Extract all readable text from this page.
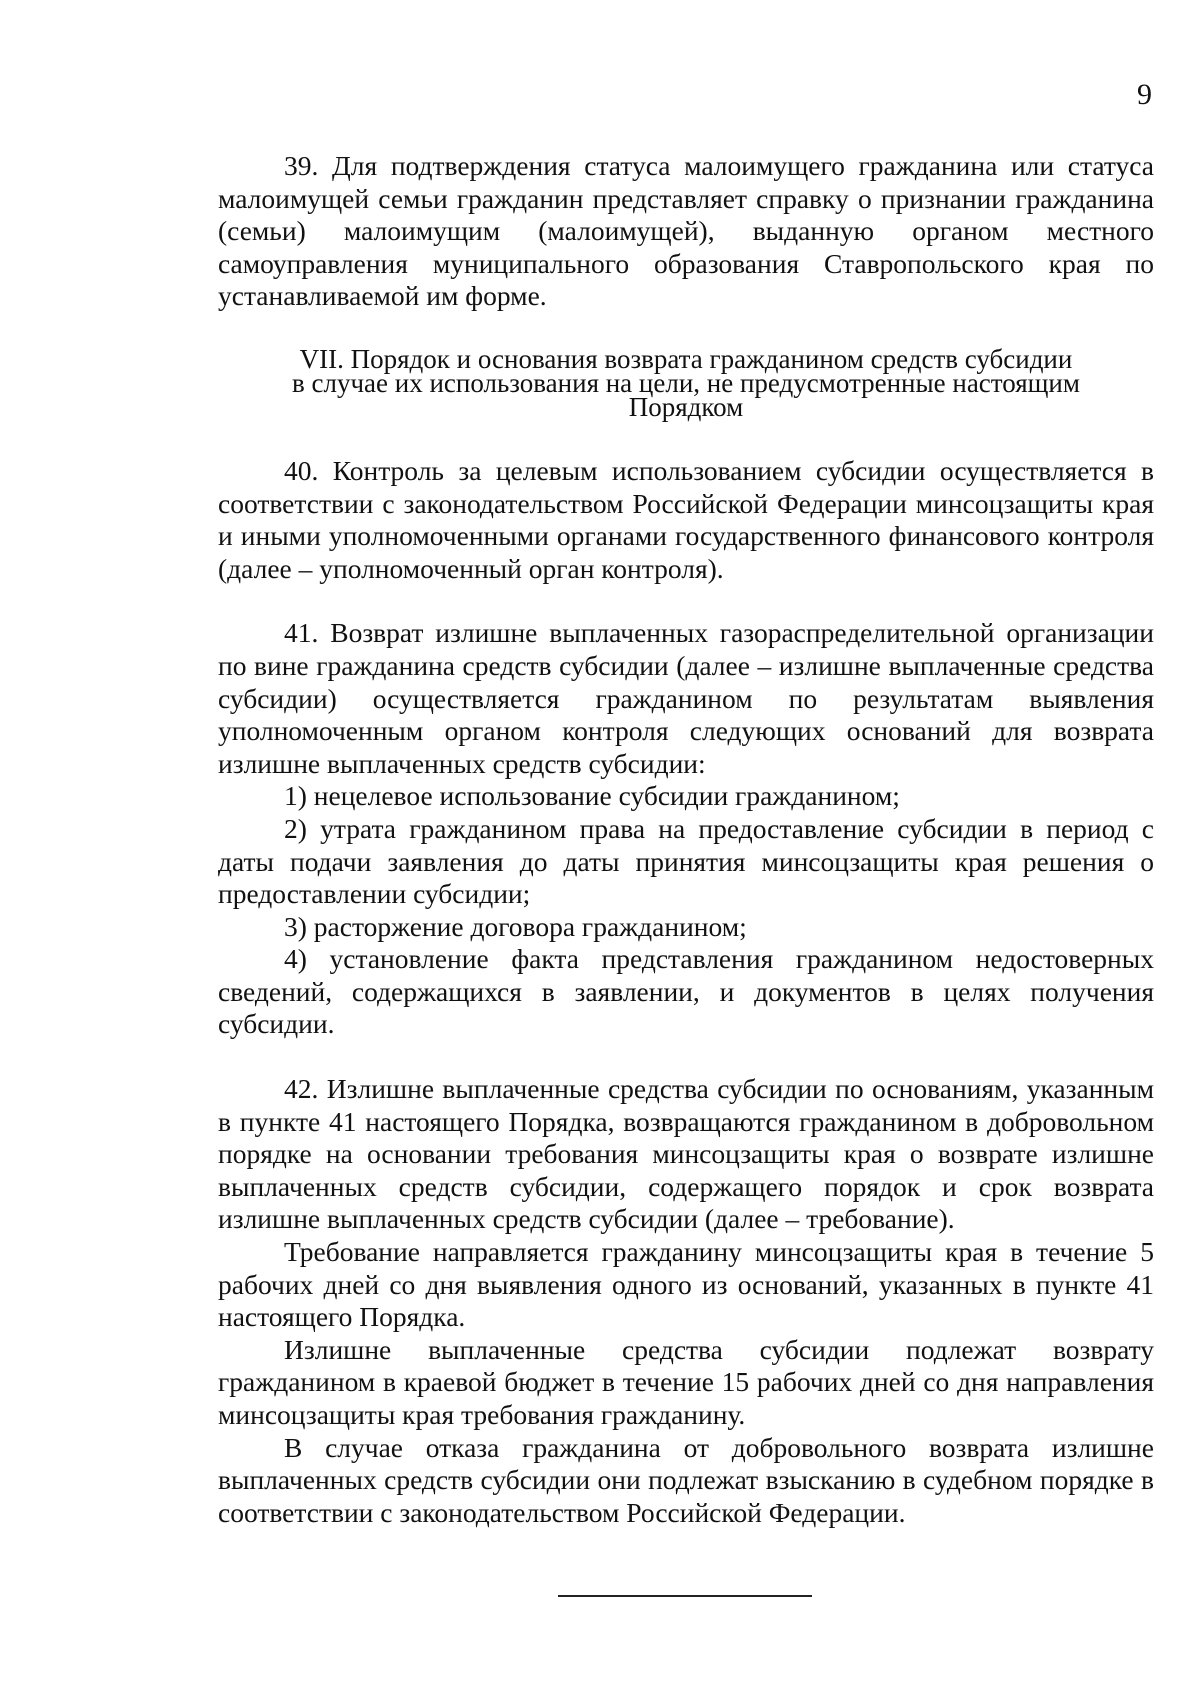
9

39. Для подтверждения статуса малоимущего гражданина или статуса малоимущей семьи гражданин представляет справку о признании гражданина (семьи) малоимущим (малоимущей), выданную органом местного самоуправления муниципального образования Ставропольского края по устанавливаемой им форме.

VII. Порядок и основания возврата гражданином средств субсидии
в случае их использования на цели, не предусмотренные настоящим
Порядком

40. Контроль за целевым использованием субсидии осуществляется в соответствии с законодательством Российской Федерации минсоцзащиты края и иными уполномоченными органами государственного финансового контроля (далее – уполномоченный орган контроля).

41. Возврат излишне выплаченных газораспределительной организации по вине гражданина средств субсидии (далее – излишне выплаченные средства субсидии) осуществляется гражданином по результатам выявления уполномоченным органом контроля следующих оснований для возврата излишне выплаченных средств субсидии:

1) нецелевое использование субсидии гражданином;

2) утрата гражданином права на предоставление субсидии в период с даты подачи заявления до даты принятия минсоцзащиты края решения о предоставлении субсидии;

3) расторжение договора гражданином;

4) установление факта представления гражданином недостоверных сведений, содержащихся в заявлении, и документов в целях получения субсидии.

42. Излишне выплаченные средства субсидии по основаниям, указанным в пункте 41 настоящего Порядка, возвращаются гражданином в добровольном порядке на основании требования минсоцзащиты края о возврате излишне выплаченных средств субсидии, содержащего порядок и срок возврата излишне выплаченных средств субсидии (далее – требование).

Требование направляется гражданину минсоцзащиты края в течение 5 рабочих дней со дня выявления одного из оснований, указанных в пункте 41 настоящего Порядка.

Излишне выплаченные средства субсидии подлежат возврату гражданином в краевой бюджет в течение 15 рабочих дней со дня направления минсоцзащиты края требования гражданину.

В случае отказа гражданина от добровольного возврата излишне выплаченных средств субсидии они подлежат взысканию в судебном порядке в соответствии с законодательством Российской Федерации.
